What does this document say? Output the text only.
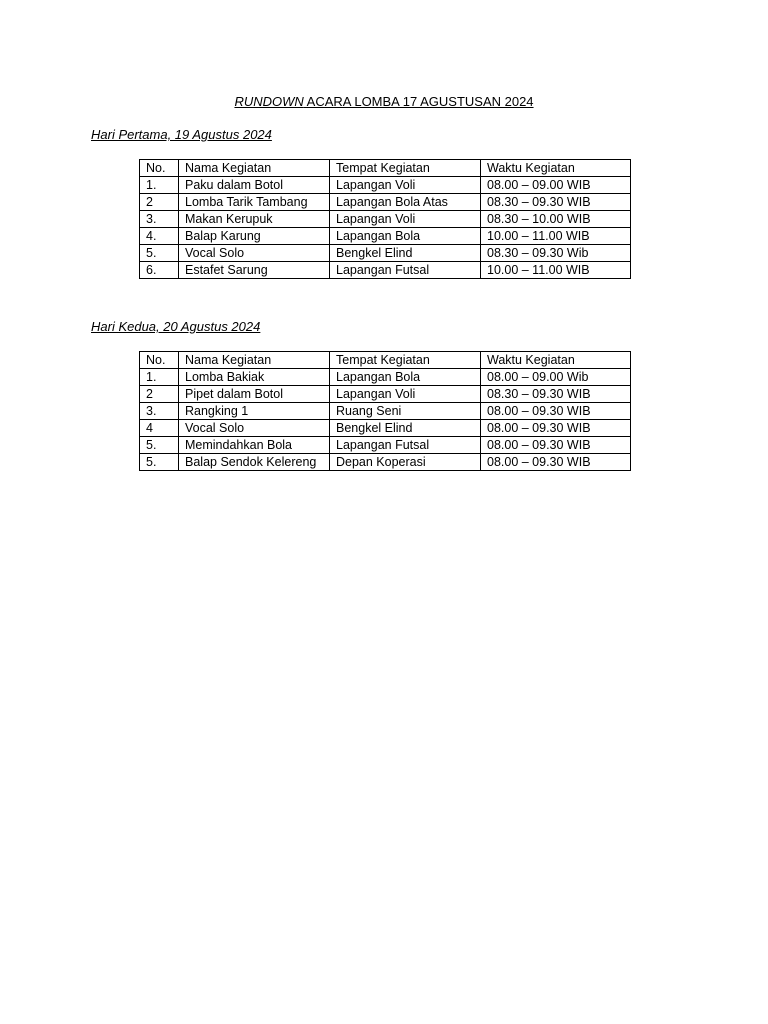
RUNDOWN ACARA LOMBA 17 AGUSTUSAN 2024
Hari Pertama, 19 Agustus 2024
No.	Nama Kegiatan	Tempat Kegiatan	Waktu Kegiatan
1.	Paku dalam Botol	Lapangan Voli	08.00 – 09.00 WIB
2	Lomba Tarik Tambang	Lapangan Bola Atas	08.30 – 09.30 WIB
3.	Makan Kerupuk	Lapangan Voli	08.30 – 10.00 WIB
4.	Balap Karung	Lapangan Bola	10.00 – 11.00 WIB
5.	Vocal Solo	Bengkel Elind	08.30 – 09.30 Wib
6.	Estafet Sarung	Lapangan Futsal	10.00 – 11.00 WIB
Hari Kedua, 20 Agustus 2024
No.	Nama Kegiatan	Tempat Kegiatan	Waktu Kegiatan
1.	Lomba Bakiak	Lapangan Bola	08.00 – 09.00 Wib
2	Pipet dalam Botol	Lapangan Voli	08.30 – 09.30 WIB
3.	Rangking 1	Ruang Seni	08.00 – 09.30 WIB
4	Vocal Solo	Bengkel Elind	08.00 – 09.30 WIB
5.	Memindahkan Bola	Lapangan Futsal	08.00 – 09.30 WIB
5.	Balap Sendok Kelereng	Depan Koperasi	08.00 – 09.30 WIB
